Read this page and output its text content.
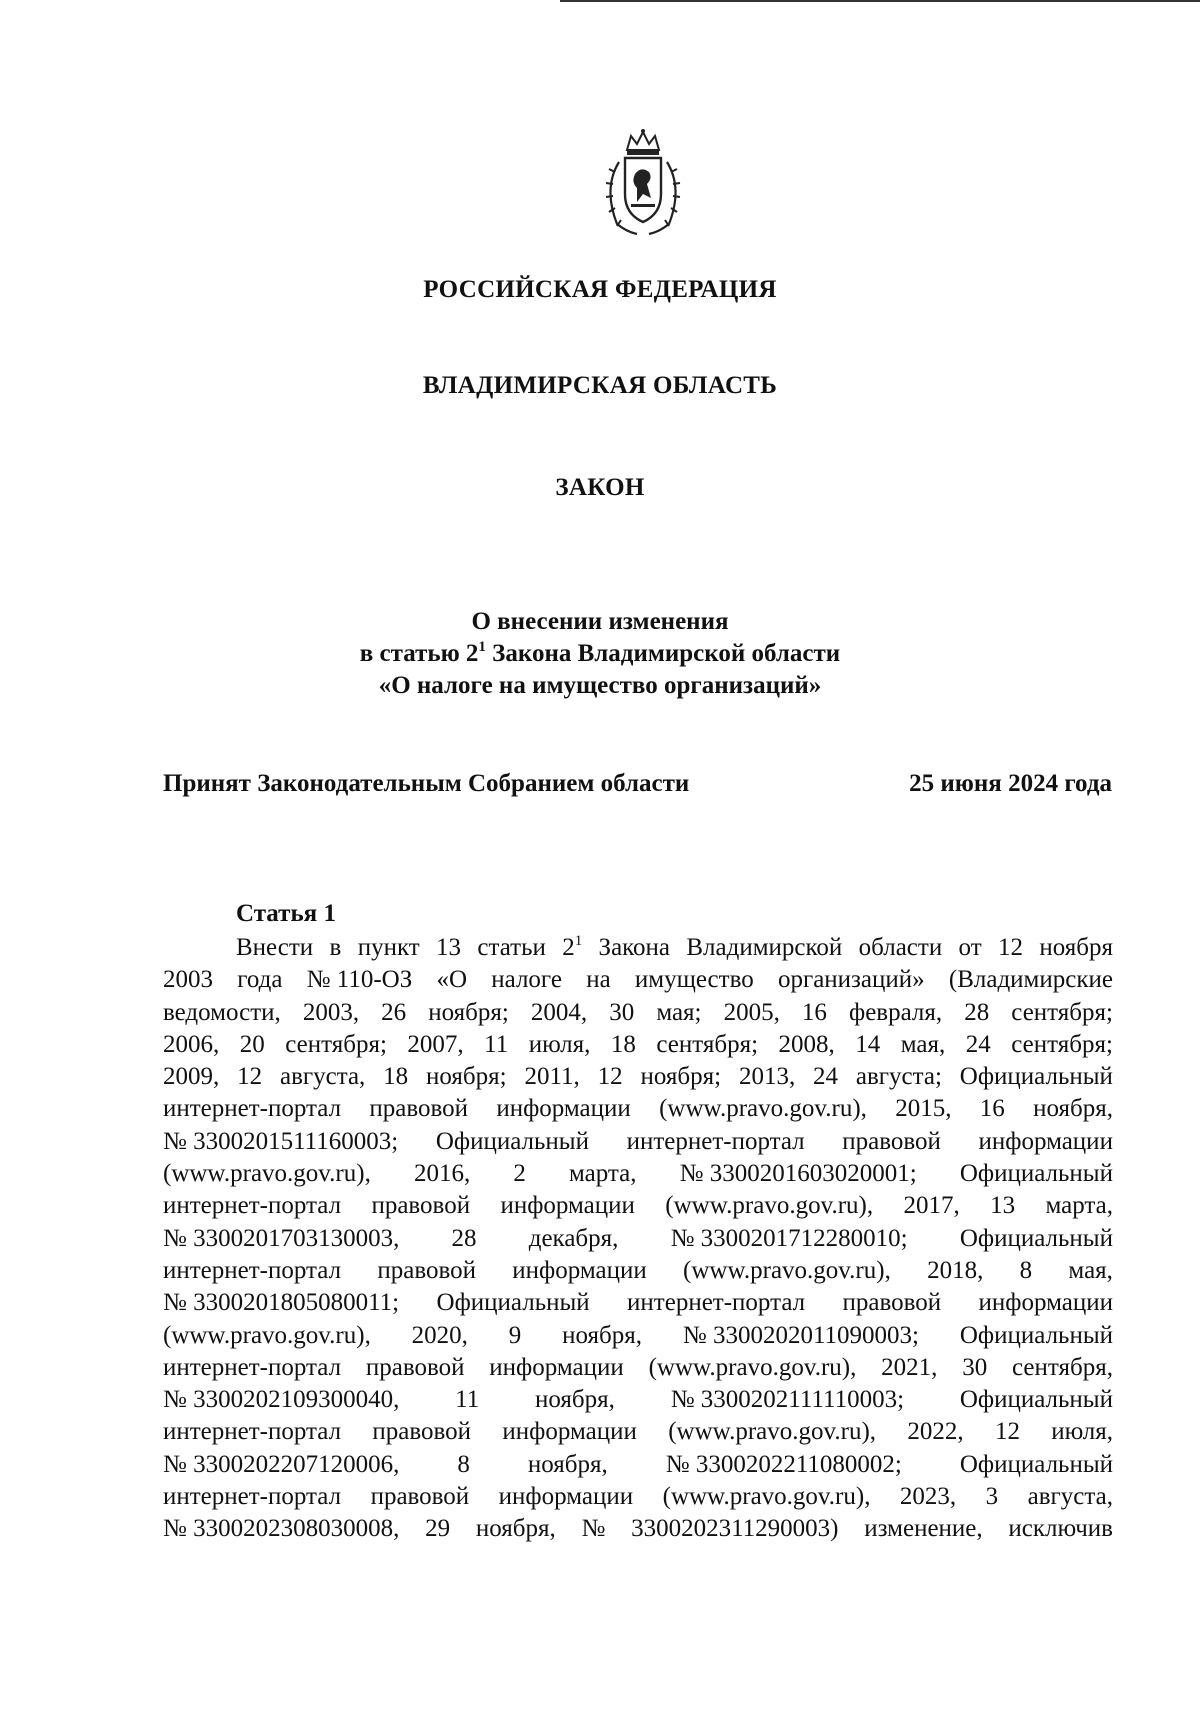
РОССИЙСКАЯ ФЕДЕРАЦИЯ
ВЛАДИМИРСКАЯ ОБЛАСТЬ
ЗАКОН
О внесении изменения
в статью $2^1$ Закона Владимирской области
«О налоге на имущество организаций»
Принят Законодательным Собранием области	25 июня 2024 года
Статья 1
Внести в пункт 13 статьи $2^1$ Закона Владимирской области от 12 ноября
2003 года № 110-ОЗ «О налоге на имущество организаций» (Владимирские
ведомости, 2003, 26 ноября; 2004, 30 мая; 2005, 16 февраля, 28 сентября;
2006, 20 сентября; 2007, 11 июля, 18 сентября; 2008, 14 мая, 24 сентября;
2009, 12 августа, 18 ноября; 2011, 12 ноября; 2013, 24 августа; Официальный
интернет-портал правовой информации (www.pravo.gov.ru), 2015, 16 ноября,
№ 3300201511160003; Официальный интернет-портал правовой информации
(www.pravo.gov.ru), 2016, 2 марта, № 3300201603020001; Официальный
интернет-портал правовой информации (www.pravo.gov.ru), 2017, 13 марта,
№ 3300201703130003, 28 декабря, № 3300201712280010; Официальный
интернет-портал правовой информации (www.pravo.gov.ru), 2018, 8 мая,
№ 3300201805080011; Официальный интернет-портал правовой информации
(www.pravo.gov.ru), 2020, 9 ноября, № 3300202011090003; Официальный
интернет-портал правовой информации (www.pravo.gov.ru), 2021, 30 сентября,
№ 3300202109300040, 11 ноября, № 3300202111110003; Официальный
интернет-портал правовой информации (www.pravo.gov.ru), 2022, 12 июля,
№ 3300202207120006, 8 ноября, № 3300202211080002; Официальный
интернет-портал правовой информации (www.pravo.gov.ru), 2023, 3 августа,
№ 3300202308030008, 29 ноября, № 3300202311290003) изменение, исключив
